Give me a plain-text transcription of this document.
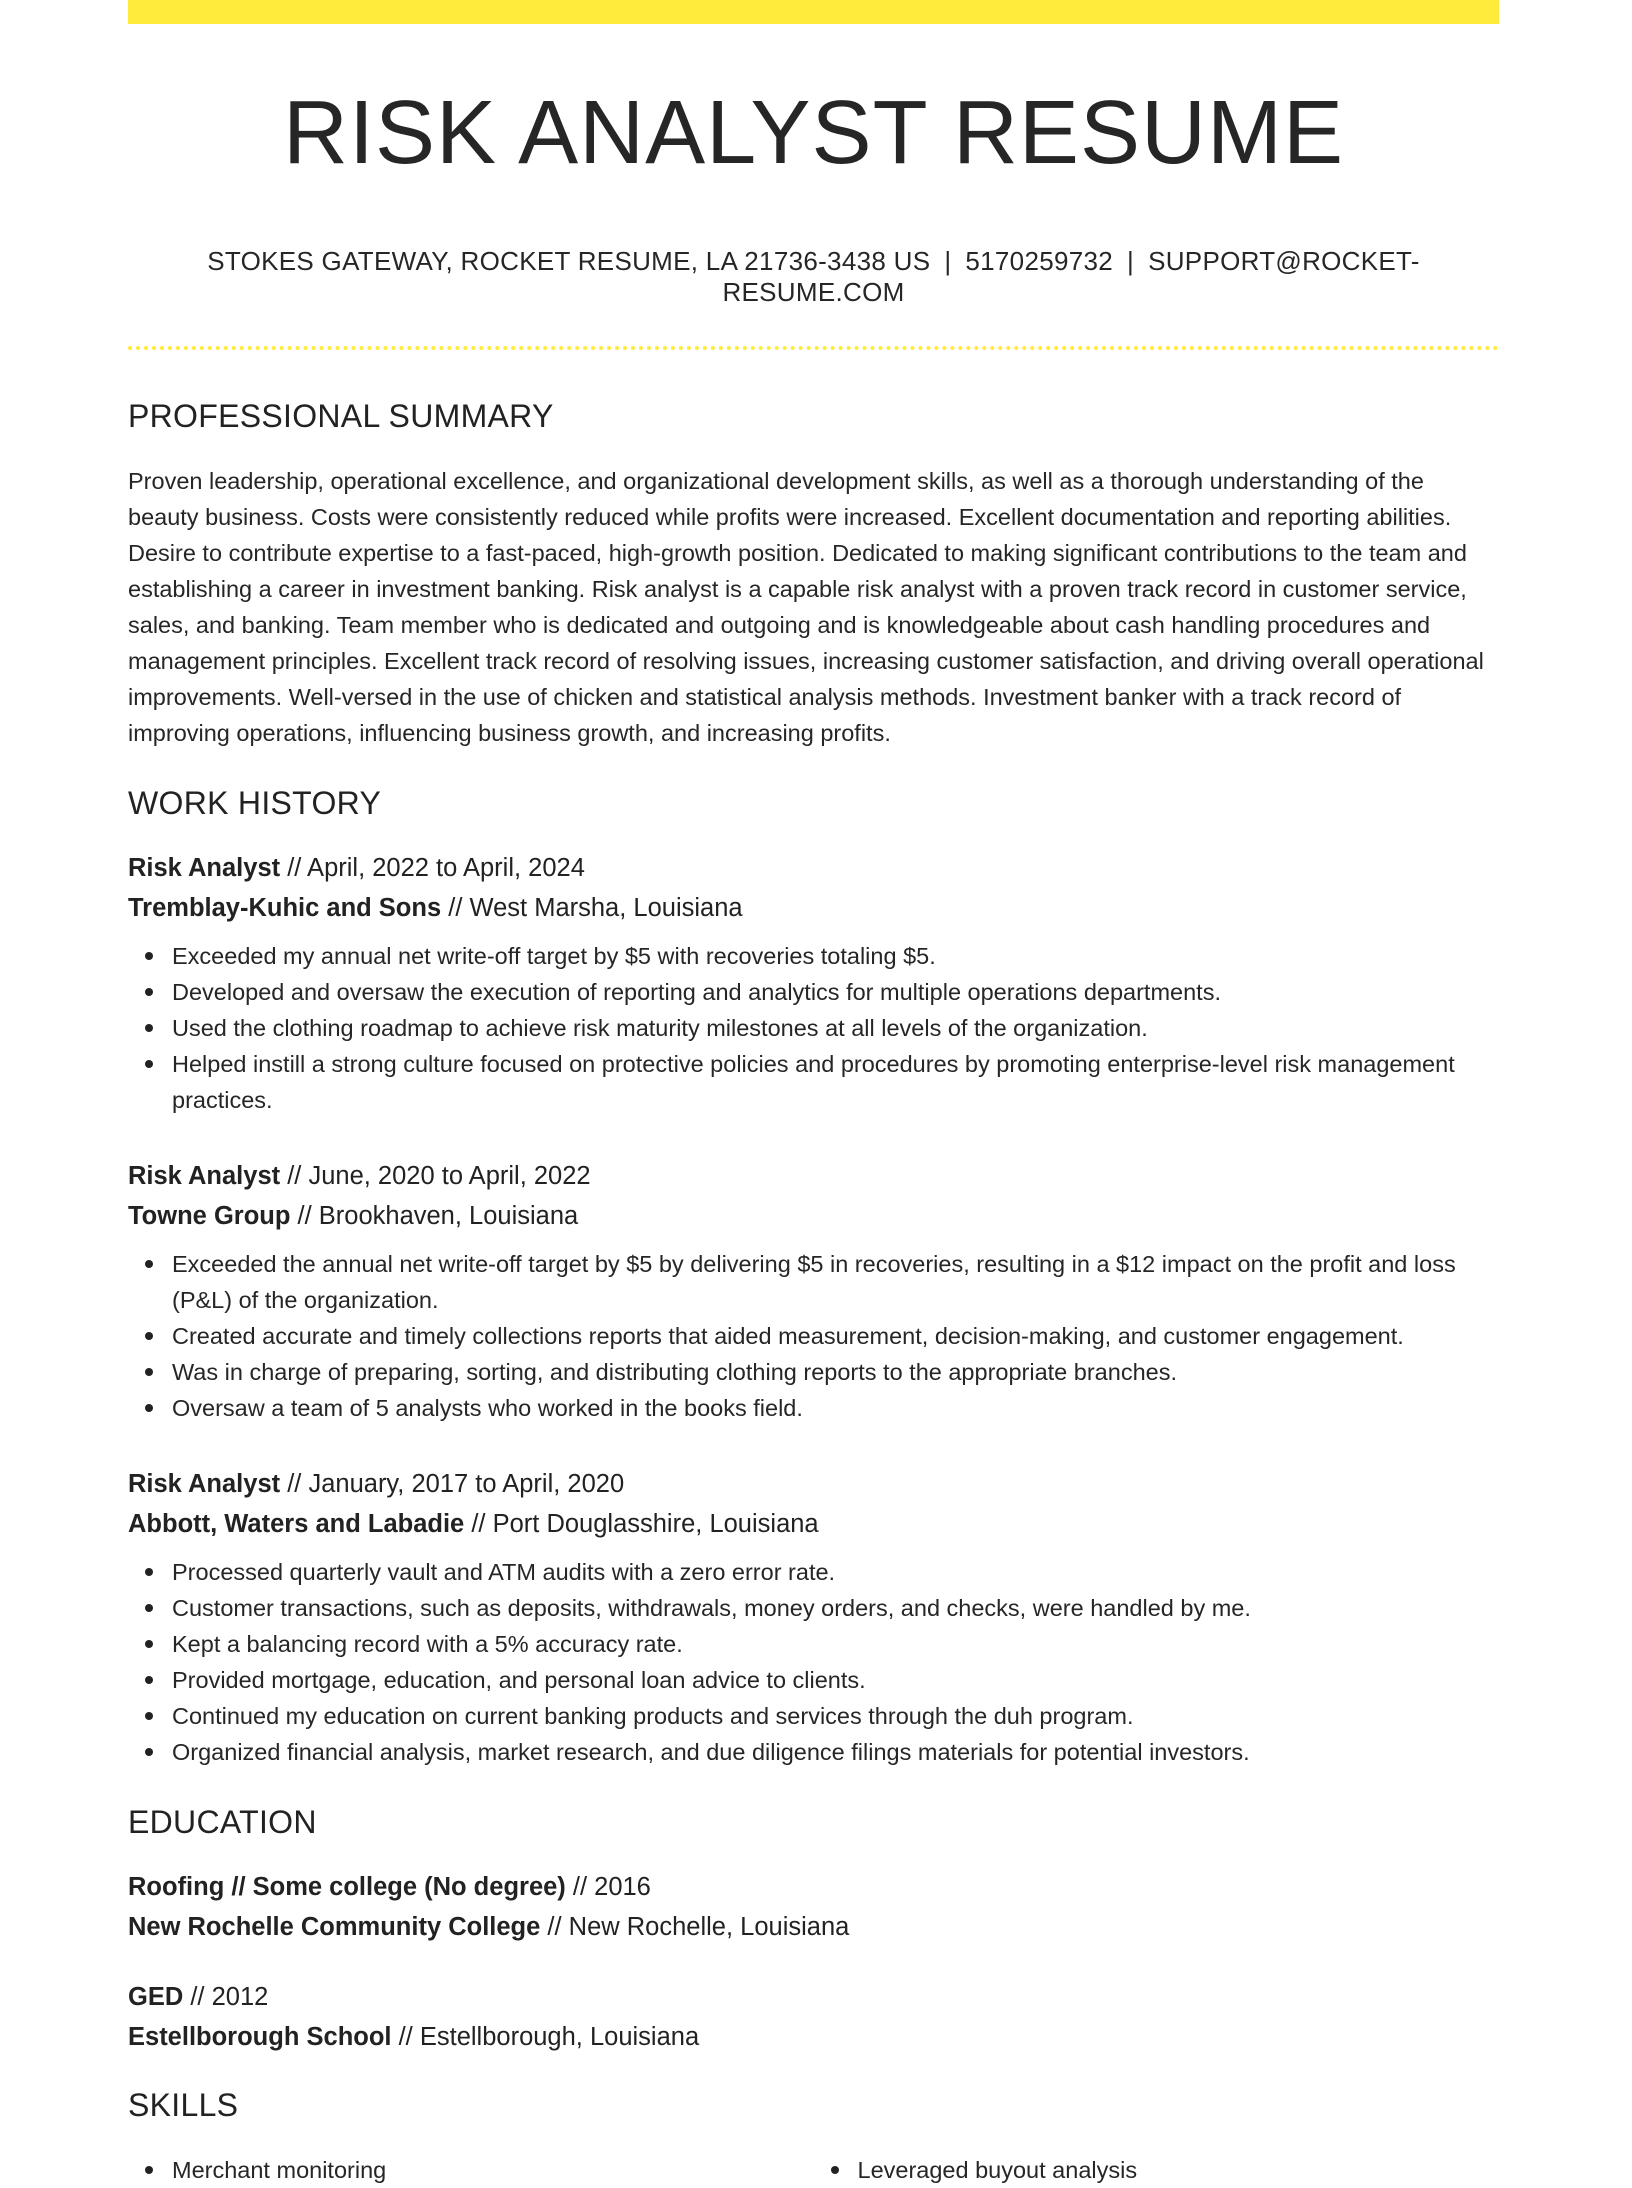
RISK ANALYST RESUME
STOKES GATEWAY, ROCKET RESUME, LA 21736-3438 US | 5170259732 | SUPPORT@ROCKET-RESUME.COM
PROFESSIONAL SUMMARY

Proven leadership, operational excellence, and organizational development skills, as well as a thorough understanding of the beauty business. Costs were consistently reduced while profits were increased. Excellent documentation and reporting abilities. Desire to contribute expertise to a fast-paced, high-growth position. Dedicated to making significant contributions to the team and establishing a career in investment banking. Risk analyst is a capable risk analyst with a proven track record in customer service, sales, and banking. Team member who is dedicated and outgoing and is knowledgeable about cash handling procedures and management principles. Excellent track record of resolving issues, increasing customer satisfaction, and driving overall operational improvements. Well-versed in the use of chicken and statistical analysis methods. Investment banker with a track record of improving operations, influencing business growth, and increasing profits.

WORK HISTORY
Risk Analyst // April, 2022 to April, 2024
Tremblay-Kuhic and Sons // West Marsha, Louisiana
Exceeded my annual net write-off target by $5 with recoveries totaling $5.
Developed and oversaw the execution of reporting and analytics for multiple operations departments.
Used the clothing roadmap to achieve risk maturity milestones at all levels of the organization.
Helped instill a strong culture focused on protective policies and procedures by promoting enterprise-level risk management practices.
Risk Analyst // June, 2020 to April, 2022
Towne Group // Brookhaven, Louisiana
Exceeded the annual net write-off target by $5 by delivering $5 in recoveries, resulting in a $12 impact on the profit and loss (P&L) of the organization.
Created accurate and timely collections reports that aided measurement, decision-making, and customer engagement.
Was in charge of preparing, sorting, and distributing clothing reports to the appropriate branches.
Oversaw a team of 5 analysts who worked in the books field.
Risk Analyst // January, 2017 to April, 2020
Abbott, Waters and Labadie // Port Douglasshire, Louisiana
Processed quarterly vault and ATM audits with a zero error rate.
Customer transactions, such as deposits, withdrawals, money orders, and checks, were handled by me.
Kept a balancing record with a 5% accuracy rate.
Provided mortgage, education, and personal loan advice to clients.
Continued my education on current banking products and services through the duh program.
Organized financial analysis, market research, and due diligence filings materials for potential investors.
EDUCATION
Roofing // Some college (No degree) // 2016
New Rochelle Community College // New Rochelle, Louisiana
GED // 2012
Estellborough School // Estellborough, Louisiana
SKILLS
Merchant monitoring	Leveraged buyout analysis
